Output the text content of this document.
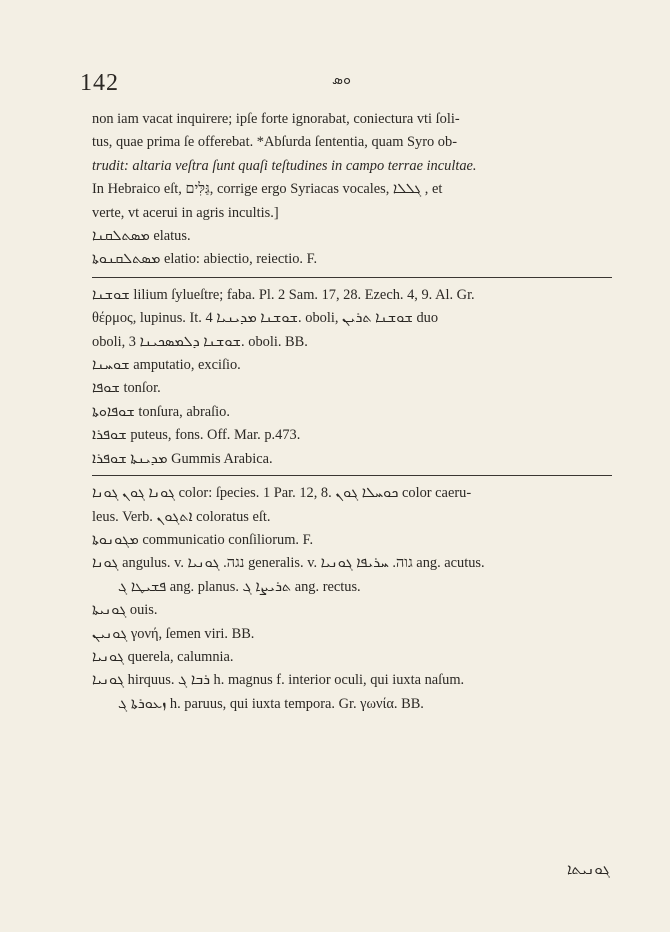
142	ܘܣ

non iam vacat inquirere; ipſe forte ignorabat, coniectura vti ſoli-

tus, quae prima ſe offerebat. *Abſurda ſententia, quam Syro ob-

trudit: altaria veſtra ſunt quaſi teſtudines in campo terrae incultae.

In Hebraico eſt, גַּלִּים, corrige ergo Syriacas vocales, ܓܠܠܐ , et

verte, vt acerui in agris incultis.]

ܡܣܬܠܩܢܐ elatus.

ܡܣܬܠܩܢܘܬܐ elatio: abiectio, reiectio. F.

ܫܘܫܢܐ lilium ſylueſtre; faba. Pl. 2 Sam. 17, 28. Ezech. 4, 9. Al. Gr.

θέρμος, lupinus. It. ܫܘܫܢܐ ܡܕܝܢܝܐ 4. oboli, ܫܘܫܢܐ ܬܪܝܢ duo

oboli, ܫܘܫܢܐ ܕܠܡܣܟܝܢܐ 3. oboli. BB.

ܫܘܚܢܐ amputatio, exciſio.

ܫܘܦܐ tonſor.

ܫܘܦܐܘܬܐ tonſura, abraſio.

ܫܘܦܪܐ puteus, fons. Off. Mar. p.473.

ܡܕܝܢܬܐ ܫܘܦܪܐ Gummis Arabica.

ܓܘܢܐ ܓܘܢ ܓܘܢܐ color: ſpecies. 1 Par. 12, 8. ܟܘܚܠܐ ܓܘܢ color caeru-

leus. Verb. ܐܬܓܘܢ coloratus eſt.

ܡܓܘܢܘܬܐ communicatio conſiliorum. F.

ܓܘܢܐ angulus. v. נגה. ܓܘܢܝܐ generalis. v. גוה. ܚܪܝܦܐ ܓܘܢܝܐ ang. acutus.

ܦܫܝܛܐ ܓ ang. planus. ܬܪܝܨܐ ܓ ang. rectus.

ܓܘܢܝܬܐ ouis.

ܓܘܢܝܢ γονή, ſemen viri. BB.

ܓܘܢܝܐ querela, calumnia.

ܓܘܢܝܐ hirquus. ܪܒܐ ܓ h. magnus f. interior oculi, qui iuxta naſum.

ܙܥܘܪܬܐ ܓ h. paruus, qui iuxta tempora. Gr. γωνία. BB.

ܓܘܢܝܬܐ
